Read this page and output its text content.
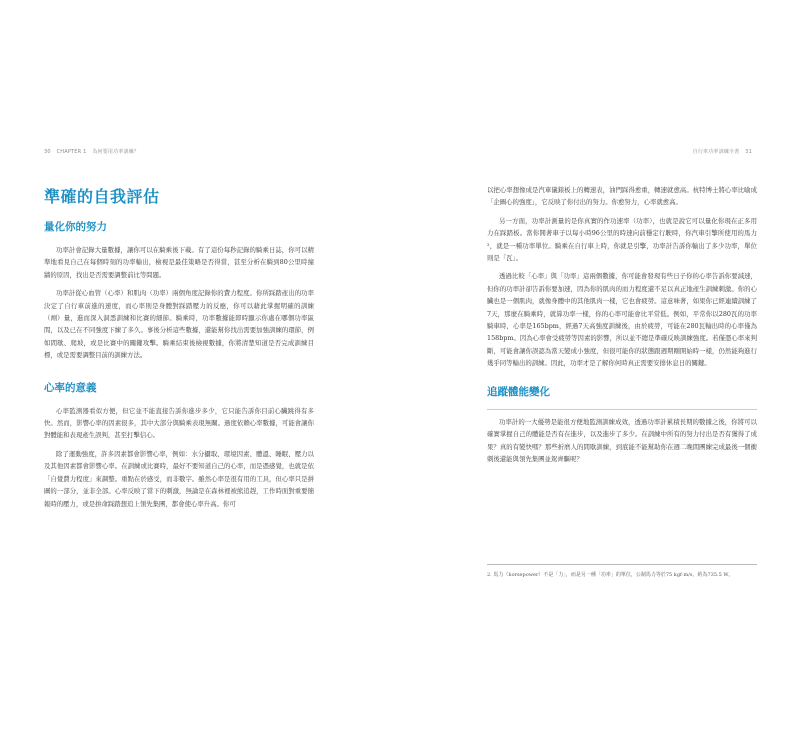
30 CHAPTER 1 為何要用功率訓練？
準確的自我評估
量化你的努力

功率計會記錄大量數據，讓你可以在騎乘後下載。有了這份每秒記錄的騎乘日誌，你可以精準地看見自己在每個時刻的功率輸出，檢視是最佳策略是否得當，甚至分析在騎到80公里時撞牆的原因，找出是否需要調整前比等問題。

功率計從心血管（心率）和肌肉（功率）兩個角度記錄你的費力程度。你所踩踏產出的功率決定了自行車前進的速度，而心率則是身體對踩踏壓力的反應，你可以藉此掌握明確的訓練（劑）量，進而深入洞悉訓練和比賽的細節。騎乘時，功率數據能即時顯示你處在哪個功率區間，以及已在不同強度下練了多久。事後分析這些數據，還能幫你找出需要加強訓練的環節，例如間歇、爬坡，或是比賽中的關鍵攻擊。騎乘結束後檢視數據，你將清楚知道是否完成訓練目標，或是需要調整目前的訓練方法。

心率的意義

心率監測器看似方便，但它並不能直接告訴你進步多少，它只能告訴你目前心臟跳得有多快。然而，影響心率的因素很多，其中大部分與騎乘表現無關。過度依賴心率數據，可能會讓你對體能和表現產生誤判，甚至打擊信心。

除了運動強度，許多因素都會影響心率，例如：水分攝取、環境因素、體溫、睡眠、壓力以及其他因素都會影響心率。在訓練或比賽時，最好不要知道自己的心率，而是憑感覺，也就是依「自覺費力程度」來調整。重點在於感受，而非數字。雖然心率是很有用的工具，但心率只是拼圖的一部分，並非全部。心率反映了當下的刺激，無論是在森林裡被熊追趕，工作時面對重要簡報時的壓力，或是拚命踩踏想追上領先集團，都會使心率升高。你可

自行車功率訓練全書 31

以把心率想像成是汽車儀錶板上的轉速表，油門踩得愈重，轉速就愈高。杭特博士將心率比喻成「企圖心的強度」，它反映了你付出的努力。你愈努力，心率就愈高。

另一方面，功率計測量的是你真實的作功速率（功率），也就是說它可以量化你現在正多用力在踩踏板。當你開著車子以每小時96公里的時速向前穩定行駛時，你汽車引擎所使用的馬力²，就是一種功率單位。騎乘在自行車上時，你就是引擎，功率計告訴你輸出了多少功率，單位則是「瓦」。

透過比較「心率」與「功率」這兩個數據，你可能會發現有些日子你的心率告訴你要減速，但你的功率計卻告訴你要加速，因為你的肌肉的而力程度還不足以真正地產生訓練刺激。你的心臟也是一個肌肉，就像身體中的其他肌肉一樣，它也會疲勞。這意味著，如果你已經連續訓練了7天，那麼在騎乘時，就算功率一樣，你的心率可能會比平常低。例如，平常你以280瓦的功率騎車時，心率是165bpm，經過7天高強度訓練後，由於疲勞，可能在280瓦輸出時的心率僅為158bpm。因為心率會受疲勞等因素的影響，所以並不總是準確反映訓練強度。若僅憑心率來判斷，可能會讓你誤認為當天變成小強度，但很可能你的狀態跟週期剛開始時一樣，仍然能夠進行幾乎同等輸出的訓練。因此，功率才是了解你何時真正需要安排休息日的關鍵。

追蹤體能變化

功率計的一大優勢是能很方便地監測訓練成效，透過功率計累積長期的數據之後，你將可以確實掌握自己的體能是否有在進步，以及進步了多少。在訓練中所有的努力付出是否有獲得了成果？真的有變快嗎？那些折磨人的間歇訓練，到底能不能幫助你在週二晚間團練完成最後一個衝刺後還能與領先集團並駕齊驅呢？

2. 馬力（horsepower）不是「力」，而是另一種「功率」的單位，公制馬力等於75 kgf·m/s，約為735.5 W。
